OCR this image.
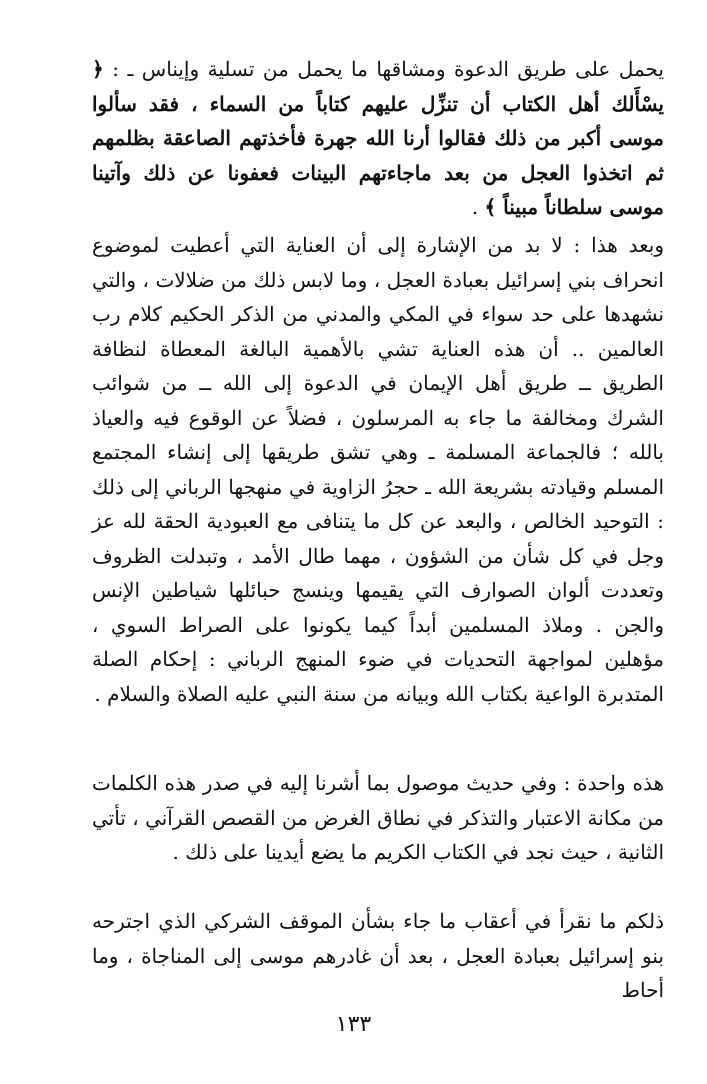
يحمل على طريق الدعوة ومشاقها ما يحمل من تسلية وإيناس ـ : ﴿ يسْأَلك أهل الكتاب أن تنزِّل عليهم كتاباً من السماء ، فقد سألوا موسى أكبر من ذلك فقالوا أرنا الله جهرة فأخذتهم الصاعقة بظلمهم ثم اتخذوا العجل من بعد ماجاءتهم البينات فعفونا عن ذلك وآتينا موسى سلطاناً مبيناً ﴾ .

وبعد هذا : لا بد من الإشارة إلى أن العناية التي أعطيت لموضوع انحراف بني إسرائيل بعبادة العجل ، وما لابس ذلك من ضلالات ، والتي نشهدها على حد سواء في المكي والمدني من الذكر الحكيم كلام رب العالمين .. أن هذه العناية تشي بالأهمية البالغة المعطاة لنظافة الطريق ــ طريق أهل الإيمان في الدعوة إلى الله ــ من شوائب الشرك ومخالفة ما جاء به المرسلون ، فضلاً عن الوقوع فيه والعياذ بالله ؛ فالجماعة المسلمة ـ وهي تشق طريقها إلى إنشاء المجتمع المسلم وقيادته بشريعة الله ـ حجرُ الزاوية في منهجها الرباني إلى ذلك : التوحيد الخالص ، والبعد عن كل ما يتنافى مع العبودية الحقة لله عز وجل في كل شأن من الشؤون ، مهما طال الأمد ، وتبدلت الظروف وتعددت ألوان الصوارف التي يقيمها وينسج حبائلها شياطين الإنس والجن . وملاذ المسلمين أبداً كيما يكونوا على الصراط السوي ، مؤهلين لمواجهة التحديات في ضوء المنهج الرباني : إحكام الصلة المتدبرة الواعية بكتاب الله وبيانه من سنة النبي عليه الصلاة والسلام .

هذه واحدة : وفي حديث موصول بما أشرنا إليه في صدر هذه الكلمات من مكانة الاعتبار والتذكر في نطاق الغرض من القصص القرآني ، تأتي الثانية ، حيث نجد في الكتاب الكريم ما يضع أيدينا على ذلك .

ذلكم ما نقرأ في أعقاب ما جاء بشأن الموقف الشركي الذي اجترحه بنو إسرائيل بعبادة العجل ، بعد أن غادرهم موسى إلى المناجاة ، وما أحاط

١٣٣
